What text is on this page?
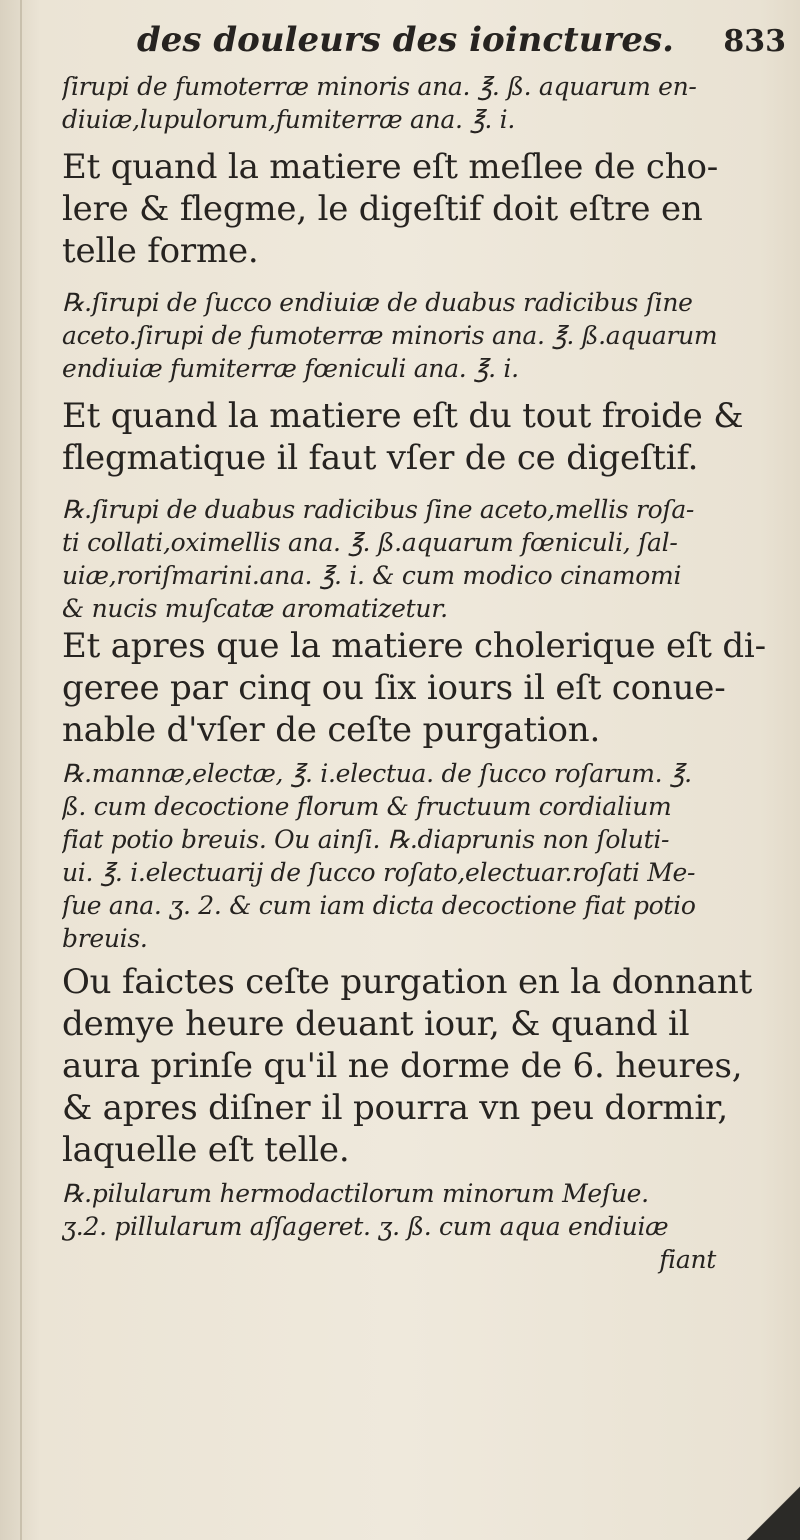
des douleurs des ioinctures. 833
ſirupi de fumoterræ minoris ana. ℥. ß. aquarum en-
diuiæ,lupulorum,fumiterræ ana. ℥. i.
Et quand la matiere eſt meſlee de cho-
lere & flegme, le digeſtif doit eſtre en
telle forme.
℞.ſirupi de ſucco endiuiæ de duabus radicibus ſine
aceto.ſirupi de fumoterræ minoris ana. ℥. ß.aquarum
endiuiæ fumiterræ fœniculi ana. ℥. i.
Et quand la matiere eſt du tout froide &
flegmatique il faut vſer de ce digeſtif.
℞.ſirupi de duabus radicibus ſine aceto,mellis roſa-
ti collati,oximellis ana. ℥. ß.aquarum fœniculi, ſal-
uiæ,roriſmarini.ana. ℥. i. & cum modico cinamomi
& nucis muſcatæ aromatizetur.
Et apres que la matiere cholerique eſt di-
geree par cinq ou ſix iours il eſt conue-
nable d'vſer de ceſte purgation.
℞.mannæ,electæ, ℥. i.electua. de ſucco roſarum. ℥.
ß. cum decoctione florum & fructuum cordialium
fiat potio breuis. Ou ainſi. ℞.diaprunis non ſoluti-
ui. ℥. i.electuarij de ſucco roſato,electuar.roſati Me-
ſue ana. ʒ. 2. & cum iam dicta decoctione fiat potio
breuis.
Ou faictes ceſte purgation en la donnant
demye heure deuant iour, & quand il
aura prinſe qu'il ne dorme de 6. heures,
& apres diſner il pourra vn peu dormir,
laquelle eſt telle.
℞.pilularum hermodactilorum minorum Meſue.
ʒ.2. pillularum aſſageret. ʒ. ß. cum aqua endiuiæ
fiant
